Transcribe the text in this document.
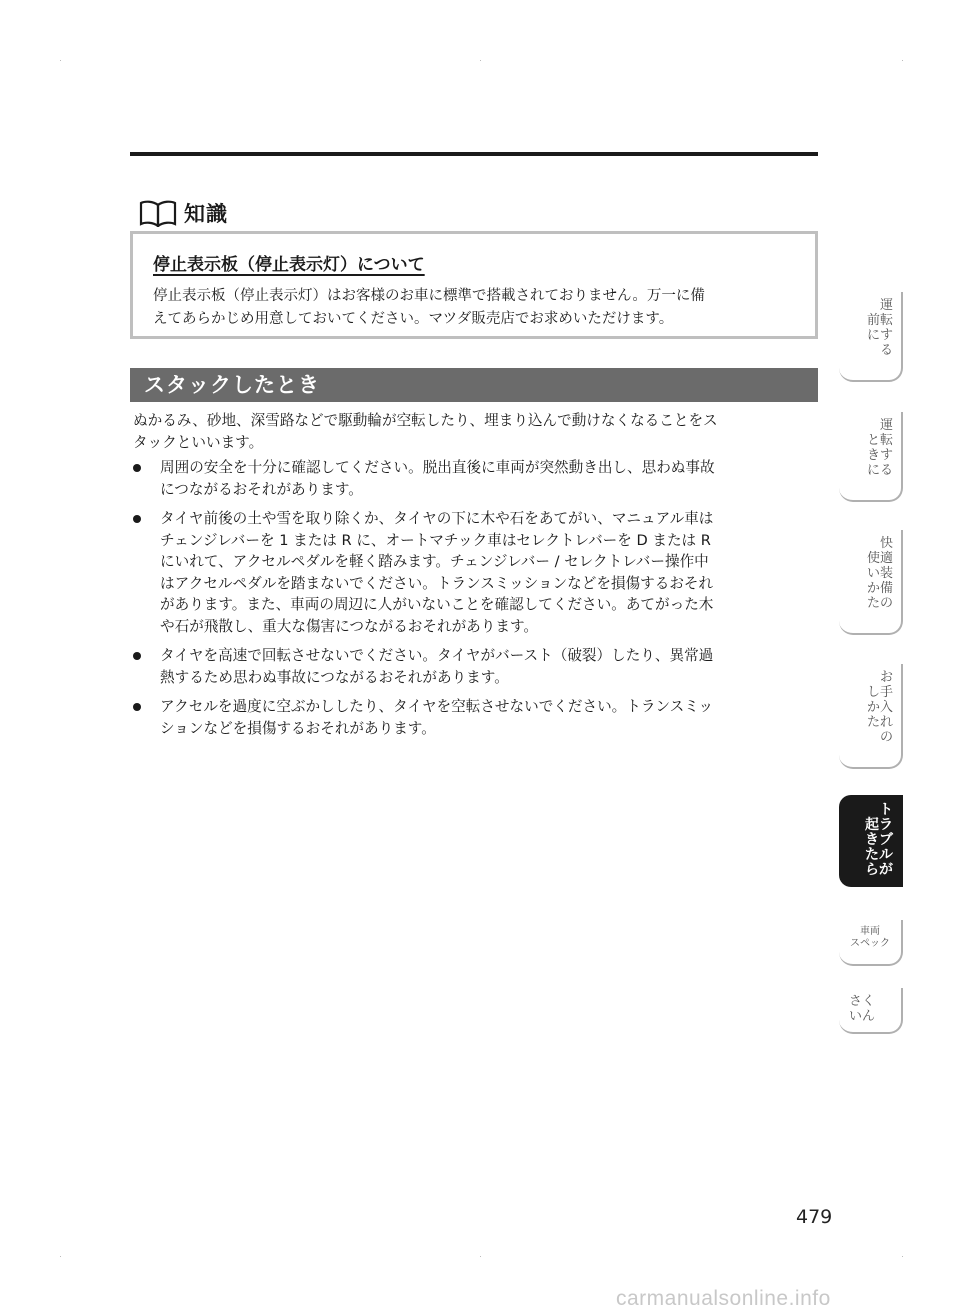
知識
停止表示板（停止表示灯）について
停止表示板（停止表示灯）はお客様のお車に標準で搭載されておりません。万一に備
えてあらかじめ用意しておいてください。マツダ販売店でお求めいただけます。
スタックしたとき
ぬかるみ、砂地、深雪路などで駆動輪が空転したり、埋まり込んで動けなくなることをス
タックといいます。
周囲の安全を十分に確認してください。脱出直後に車両が突然動き出し、思わぬ事故
につながるおそれがあります。
タイヤ前後の土や雪を取り除くか、タイヤの下に木や石をあてがい、マニュアル車は
チェンジレバーを 1 または R に、オートマチック車はセレクトレバーを D または R
にいれて、アクセルペダルを軽く踏みます。チェンジレバー / セレクトレバー操作中
はアクセルペダルを踏まないでください。トランスミッションなどを損傷するおそれ
があります。また、車両の周辺に人がいないことを確認してください。あてがった木
や石が飛散し、重大な傷害につながるおそれがあります。
タイヤを高速で回転させないでください。タイヤがバースト（破裂）したり、異常過
熱するため思わぬ事故につながるおそれがあります。
アクセルを過度に空ぶかししたり、タイヤを空転させないでください。トランスミッ
ションなどを損傷するおそれがあります。
運
前転
にす
る
運
と転
きす
にる
快
使適
い装
か備
たの
お
し手
か入
たれ
の
ト
起ラ
きブ
たル
らが
車両
スペック
さく
いん
479
carmanualsonline.info
